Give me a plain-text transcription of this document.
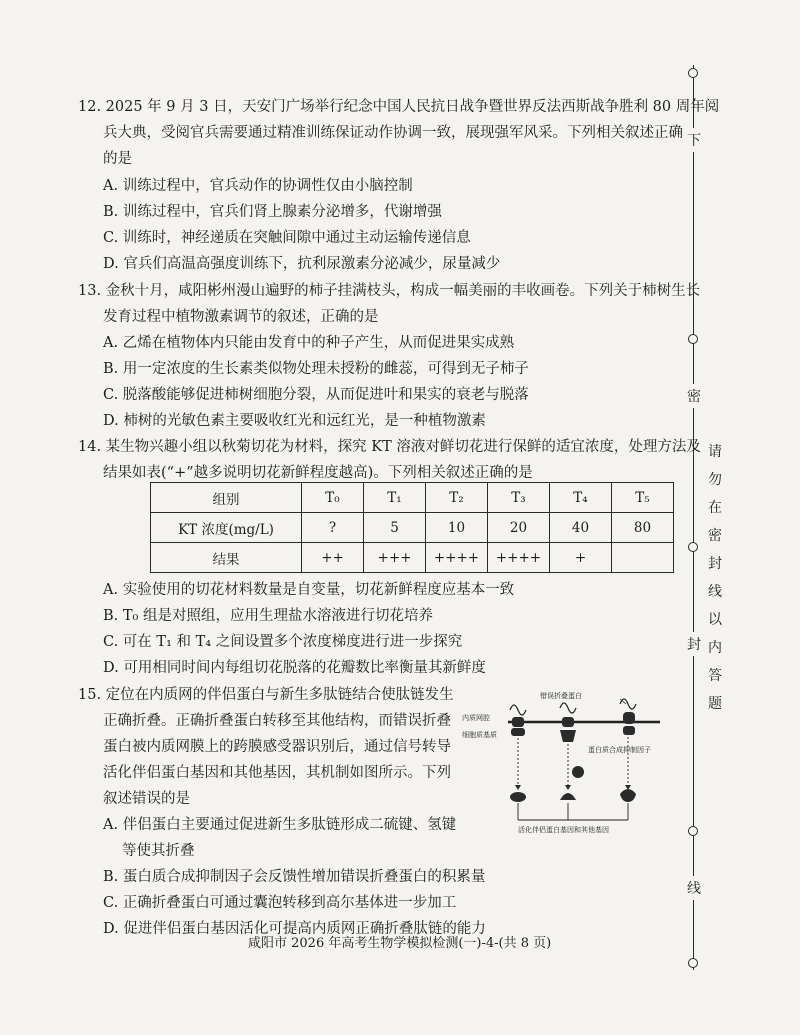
12. 2025 年 9 月 3 日，天安门广场举行纪念中国人民抗日战争暨世界反法西斯战争胜利 80 周年阅
兵大典，受阅官兵需要通过精准训练保证动作协调一致，展现强军风采。下列相关叙述正确
的是
A. 训练过程中，官兵动作的协调性仅由小脑控制
B. 训练过程中，官兵们肾上腺素分泌增多，代谢增强
C. 训练时，神经递质在突触间隙中通过主动运输传递信息
D. 官兵们高温高强度训练下，抗利尿激素分泌减少，尿量减少
13. 金秋十月，咸阳彬州漫山遍野的柿子挂满枝头，构成一幅美丽的丰收画卷。下列关于柿树生长
发育过程中植物激素调节的叙述，正确的是
A. 乙烯在植物体内只能由发育中的种子产生，从而促进果实成熟
B. 用一定浓度的生长素类似物处理未授粉的雌蕊，可得到无子柿子
C. 脱落酸能够促进柿树细胞分裂，从而促进叶和果实的衰老与脱落
D. 柿树的光敏色素主要吸收红光和远红光，是一种植物激素
14. 某生物兴趣小组以秋菊切花为材料，探究 KT 溶液对鲜切花进行保鲜的适宜浓度，处理方法及
结果如表(“+”越多说明切花新鲜程度越高)。下列相关叙述正确的是
组别	T₀	T₁	T₂	T₃	T₄	T₅
KT 浓度(mg/L)	?	5	10	20	40	80
结果	++	+++	++++	++++	+	
A. 实验使用的切花材料数量是自变量，切花新鲜程度应基本一致
B. T₀ 组是对照组，应用生理盐水溶液进行切花培养
C. 可在 T₁ 和 T₄ 之间设置多个浓度梯度进行进一步探究
D. 可用相同时间内每组切花脱落的花瓣数比率衡量其新鲜度
15. 定位在内质网的伴侣蛋白与新生多肽链结合使肽链发生
正确折叠。正确折叠蛋白转移至其他结构，而错误折叠
蛋白被内质网膜上的跨膜感受器识别后，通过信号转导
活化伴侣蛋白基因和其他基因，其机制如图所示。下列
叙述错误的是
A. 伴侣蛋白主要通过促进新生多肽链形成二硫键、氢键
等使其折叠
B. 蛋白质合成抑制因子会反馈性增加错误折叠蛋白的积累量
C. 正确折叠蛋白可通过囊泡转移到高尔基体进一步加工
D. 促进伴侣蛋白基因活化可提高内质网正确折叠肽链的能力
错误折叠蛋白
内质网腔
细胞质基质
蛋白质合成抑制因子
活化伴侣蛋白基因和其他基因
下
密
封
线
请勿在密封线以内答题
咸阳市 2026 年高考生物学模拟检测(一)-4-(共 8 页)
